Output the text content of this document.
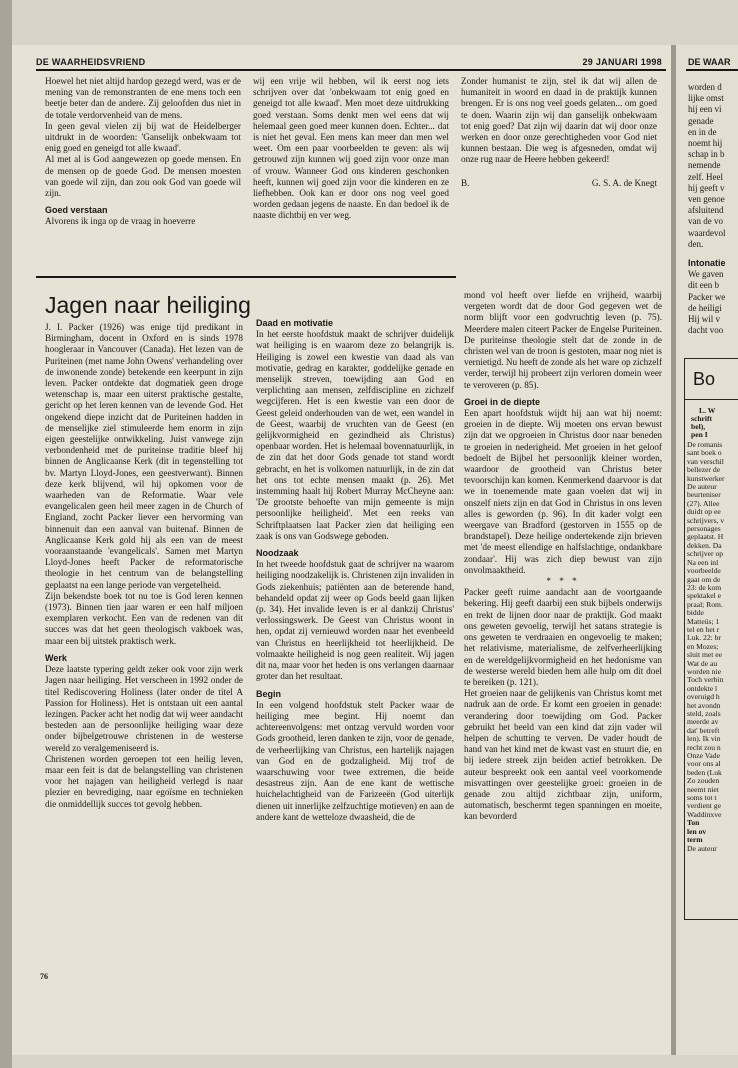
DE WAARHEIDSVRIEND	29 JANUARI 1998

Hoewel het niet altijd hardop gezegd werd, was er de mening van de remonstranten de ene mens toch een beetje beter dan de andere. Zij geloofden dus niet in de totale verdorvenheid van de mens.

In geen geval vielen zij bij wat de Heidelberger uitdrukt in de woorden: 'Ganselijk onbekwaam tot enig goed en geneigd tot alle kwaad'.

Al met al is God aangewezen op goede mensen. En de mensen op de goede God. De mensen moesten van goede wil zijn, dan zou ook God van goede wil zijn.

Goed verstaan

Alvorens ik inga op de vraag in hoeverre

wij een vrije wil hebben, wil ik eerst nog iets schrijven over dat 'onbekwaam tot enig goed en geneigd tot alle kwaad'. Men moet deze uitdrukking goed verstaan. Soms denkt men wel eens dat wij helemaal geen goed meer kunnen doen. Echter... dat is niet het geval. Een mens kan meer dan men wel weet. Om een paar voorbeelden te geven: als wij getrouwd zijn kunnen wij goed zijn voor onze man of vrouw. Wanneer God ons kinderen geschonken heeft, kunnen wij goed zijn voor die kinderen en ze liefhebben. Ook kan er door ons nog veel goed worden gedaan jegens de naaste. En dan bedoel ik de naaste dichtbij en ver weg.

Zonder humanist te zijn, stel ik dat wij allen de humaniteit in woord en daad in de praktijk kunnen brengen. Er is ons nog veel goeds gelaten... om goed te doen. Waarin zijn wij dan ganselijk onbekwaam tot enig goed? Dat zijn wij daarin dat wij door onze werken en door onze gerechtigheden voor God niet kunnen bestaan. Die weg is afgesneden, omdat wij onze rug naar de Heere hebben gekeerd!

B.	G. S. A. de Knegt
Jagen naar heiliging

J. I. Packer (1926) was enige tijd predikant in Birmingham, docent in Oxford en is sinds 1978 hoogleraar in Vancouver (Canada). Het lezen van de Puriteinen (met name John Owens' verhandeling over de inwonende zonde) betekende een keerpunt in zijn leven. Packer ontdekte dat dogmatiek geen droge wetenschap is, maar een uiterst praktische gestalte, gericht op het leren kennen van de levende God. Het ongekend diepe inzicht dat de Puriteinen hadden in de menselijke ziel stimuleerde hem enorm in zijn eigen geestelijke ontwikkeling. Juist vanwege zijn verbondenheid met de puriteinse traditie bleef hij binnen de Anglicaanse Kerk (dit in tegenstelling tot bv. Martyn Lloyd-Jones, een geestverwant). Binnen deze kerk blijvend, wil hij opkomen voor de waarheden van de Reformatie. Waar vele evangelicalen geen heil meer zagen in de Church of England, zocht Packer liever een hervorming van binnenuit dan een aanval van buitenaf. Binnen de Anglicaanse Kerk gold hij als een van de meest vooraanstaande 'evangelicals'. Samen met Martyn Lloyd-Jones heeft Packer de reformatorische theologie in het centrum van de belangstelling geplaatst na een lange periode van vergetelheid.

Zijn bekendste boek tot nu toe is God leren kennen (1973). Binnen tien jaar waren er een half miljoen exemplaren verkocht. Een van de redenen van dit succes was dat het geen theologisch vakboek was, maar een bij uitstek praktisch werk.

Werk

Deze laatste typering geldt zeker ook voor zijn werk Jagen naar heiliging. Het verscheen in 1992 onder de titel Rediscovering Holiness (later onder de titel A Passion for Holiness). Het is ontstaan uit een aantal lezingen. Packer acht het nodig dat wij weer aandacht besteden aan de persoonlijke heiliging waar deze onder bijbelgetrouwe christenen in de westerse wereld zo veralgemeniseerd is.

Christenen worden geroepen tot een heilig leven, maar een feit is dat de belangstelling van christenen voor het najagen van heiligheid verlegd is naar plezier en bevrediging, naar egoïsme en technieken die onmiddellijk succes tot gevolg hebben.

Daad en motivatie

In het eerste hoofdstuk maakt de schrijver duidelijk wat heiliging is en waarom deze zo belangrijk is. Heiliging is zowel een kwestie van daad als van motivatie, gedrag en karakter, goddelijke genade en menselijk streven, toewijding aan God en verplichting aan mensen, zelfdiscipline en zichzelf wegcijferen. Het is een kwestie van een door de Geest geleid onderhouden van de wet, een wandel in de Geest, waarbij de vruchten van de Geest (en gelijkvormigheid en gezindheid als Christus) openbaar worden. Het is helemaal bovennatuurlijk, in de zin dat het door Gods genade tot stand wordt gebracht, en het is volkomen natuurlijk, in de zin dat het ons tot echte mensen maakt (p. 26). Met instemming haalt hij Robert Murray McCheyne aan: 'De grootste behoefte van mijn gemeente is mijn persoonlijke heiligheid'. Met een reeks van Schriftplaatsen laat Packer zien dat heiliging een zaak is ons van Godswege geboden.

Noodzaak

In het tweede hoofdstuk gaat de schrijver na waarom heiliging noodzakelijk is. Christenen zijn invaliden in Gods ziekenhuis; patiënten aan de beterende hand, behandeld opdat zij weer op Gods beeld gaan lijken (p. 34). Het invalide leven is er al dankzij Christus' verlossingswerk. De Geest van Christus woont in hen, opdat zij vernieuwd worden naar het evenbeeld van Christus en heerlijkheid tot heerlijkheid. De volmaakte heiligheid is nog geen realiteit. Wij jagen dit na, maar voor het heden is ons verlangen daarnaar groter dan het resultaat.

Begin

In een volgend hoofdstuk stelt Packer waar de heiliging mee begint. Hij noemt dan achtereenvolgens: met ontzag vervuld worden voor Gods grootheid, leren danken te zijn, voor de genade, de verheerlijking van Christus, een hartelijk najagen van God en de godzaligheid. Mij trof de waarschuwing voor twee extremen, die beide desastreus zijn. Aan de ene kant de wettische huichelachtigheid van de Farizeeën (God uiterlijk dienen uit innerlijke zelfzuchtige motieven) en aan de andere kant de wetteloze dwaasheid, die de

mond vol heeft over liefde en vrijheid, waarbij vergeten wordt dat de door God gegeven wet de norm blijft voor een godvruchtig leven (p. 75). Meerdere malen citeert Packer de Engelse Puriteinen. De puriteinse theologie stelt dat de zonde in de christen wel van de troon is gestoten, maar nog niet is vernietigd. Nu heeft de zonde als het ware op zichzelf verder, terwijl hij probeert zijn verloren domein weer te veroveren (p. 85).

Groei in de diepte

Een apart hoofdstuk wijdt hij aan wat hij noemt: groeien in de diepte. Wij moeten ons ervan bewust zijn dat we opgroeien in Christus door naar beneden te groeien in nederigheid. Met groeien in het geloof bedoelt de Bijbel het persoonlijk kleiner worden, waardoor de grootheid van Christus beter tevoorschijn kan komen. Kenmerkend daarvoor is dat we in toenemende mate gaan voelen dat wij in onszelf niets zijn en dat God in Christus in ons leven alles is geworden (p. 96). In dit kader volgt een weergave van Bradford (gestorven in 1555 op de brandstapel). Deze heilige ondertekende zijn brieven met 'de meest ellendige en halfslachtige, ondankbare zondaar'. Hij was zich diep bewust van zijn onvolmaaktheid.

* * *

Packer geeft ruime aandacht aan de voortgaande bekering. Hij geeft daarbij een stuk bijbels onderwijs en trekt de lijnen door naar de praktijk. God maakt ons geweten gevoelig, terwijl het satans strategie is ons geweten te verdraaien en ongevoelig te maken; het relativisme, materialisme, de zelfverheerlijking en de wereldgelijkvormigheid en het hedonisme van de westerse wereld bieden hem alle hulp om dit doel te bereiken (p. 121).

Het groeien naar de gelijkenis van Christus komt met nadruk aan de orde. Er komt een groeien in genade: verandering door toewijding om God. Packer gebruikt het beeld van een kind dat zijn vader wil helpen de schutting te verven. De vader houdt de hand van het kind met de kwast vast en stuurt die, en bij iedere streek zijn beiden actief betrokken. De auteur bespreekt ook een aantal veel voorkomende misvattingen over geestelijke groei: groeien in de genade zou altijd zichtbaar zijn, uniform, automatisch, beschermt tegen spanningen en moeite, kan bevorderd

76
DE WAAR
worden d
lijke omst
hij een vi
genade
en in de
noemt hij
schap in b
nemende
zelf. Heel
hij geeft v
ven genoe
afsluitend
van de vo
waardevol
den.
Intonatie
We gaven
dit een b
Packer we
de heiligi
Hij wil v
dacht voo
Bo
L. W
schrift
bel),
pen I
De romanis
sant boek o
van verschil
bellezer de
kunstwerker
De auteur
beurteniser
(27). Allee
duidt op ee
schrijvers, v
personages
geplaatst. H
dekken. Da
schrijver op
Na een inl
voorbeelde
gaat om de
23: de kom
spektakel e
praal; Rom.
bidde
Matteüs; 1
tel en het r
Luk. 22: br
en Mozes;
sluit met ee
Wat de au
worden nie
Toch verbin
ontdekte l
overuigd h
het avondn
steld, zoals
meerde av
dat' betreft
len). Ik vin
recht zou n
Onze Vade
voor ons al
beden (Luk
Zo zouden
neemt niet
soms tot t
verdient ge
Waddinxve
Ton
len ov
term
De auteur
